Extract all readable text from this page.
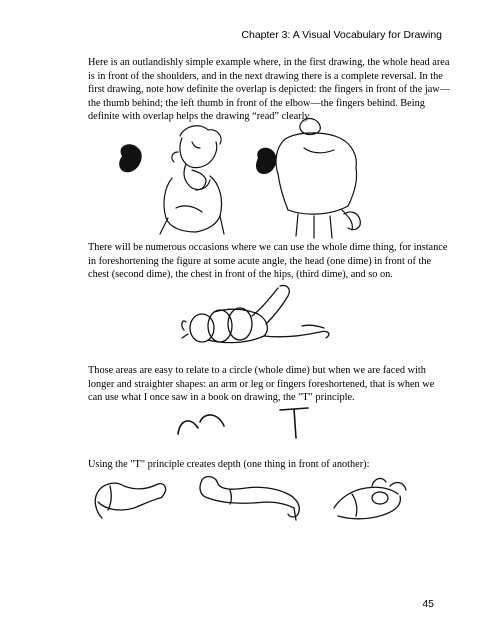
Chapter 3: A Visual Vocabulary for Drawing

Here is an outlandishly simple example where, in the first drawing, the whole head area is in front of the shoulders, and in the next drawing there is a complete reversal. In the first drawing, note how definite the overlap is depicted: the fingers in front of the jaw—the thumb behind; the left thumb in front of the elbow—the fingers behind. Being definite with overlap helps the drawing “read” clearly.

There will be numerous occasions where we can use the whole dime thing, for instance in foreshortening the figure at some acute angle, the head (one dime) in front of the chest (second dime), the chest in front of the hips, (third dime), and so on.

Those areas are easy to relate to a circle (whole dime) but when we are faced with longer and straighter shapes: an arm or leg or fingers foreshortened, that is when we can use what I once saw in a book on drawing, the "T" principle.

Using the "T" principle creates depth (one thing in front of another):

45
